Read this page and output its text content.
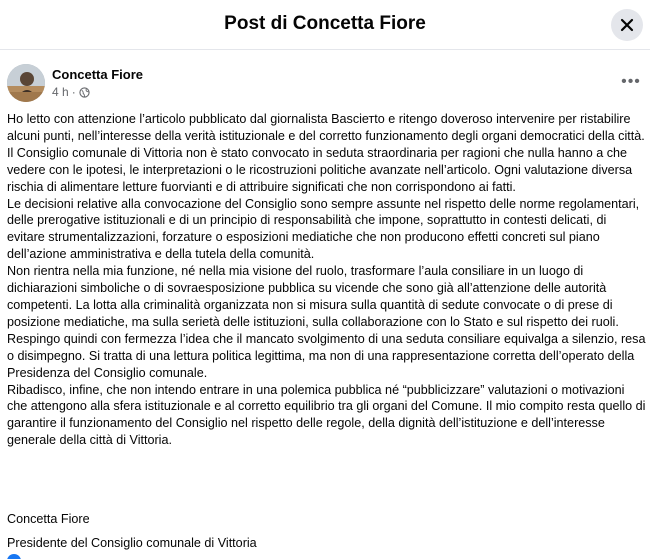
Post di Concetta Fiore
Concetta Fiore
4 h ·
•••

Ho letto con attenzione l’articolo pubblicato dal giornalista Basciетto e ritengo doveroso intervenire per ristabilire alcuni punti, nell’interesse della verità istituzionale e del corretto funzionamento degli organi democratici della città.

Il Consiglio comunale di Vittoria non è stato convocato in seduta straordinaria per ragioni che nulla hanno a che vedere con le ipotesi, le interpretazioni o le ricostruzioni politiche avanzate nell’articolo. Ogni valutazione diversa rischia di alimentare letture fuorvianti e di attribuire significati che non corrispondono ai fatti.

Le decisioni relative alla convocazione del Consiglio sono sempre assunte nel rispetto delle norme regolamentari, delle prerogative istituzionali e di un principio di responsabilità che impone, soprattutto in contesti delicati, di evitare strumentalizzazioni, forzature o esposizioni mediatiche che non producono effetti concreti sul piano dell’azione amministrativa e della tutela della comunità.

Non rientra nella mia funzione, né nella mia visione del ruolo, trasformare l’aula consiliare in un luogo di dichiarazioni simboliche o di sovraesposizione pubblica su vicende che sono già all’attenzione delle autorità competenti. La lotta alla criminalità organizzata non si misura sulla quantità di sedute convocate o di prese di posizione mediatiche, ma sulla serietà delle istituzioni, sulla collaborazione con lo Stato e sul rispetto dei ruoli.

Respingo quindi con fermezza l’idea che il mancato svolgimento di una seduta consiliare equivalga a silenzio, resa o disimpegno. Si tratta di una lettura politica legittima, ma non di una rappresentazione corretta dell’operato della Presidenza del Consiglio comunale.

Ribadisco, infine, che non intendo entrare in una polemica pubblica né “pubblicizzare” valutazioni o motivazioni che attengono alla sfera istituzionale e al corretto equilibrio tra gli organi del Comune. Il mio compito resta quello di garantire il funzionamento del Consiglio nel rispetto delle regole, della dignità dell’istituzione e dell’interesse generale della città di Vittoria.

Concetta Fiore
Presidente del Consiglio comunale di Vittoria
